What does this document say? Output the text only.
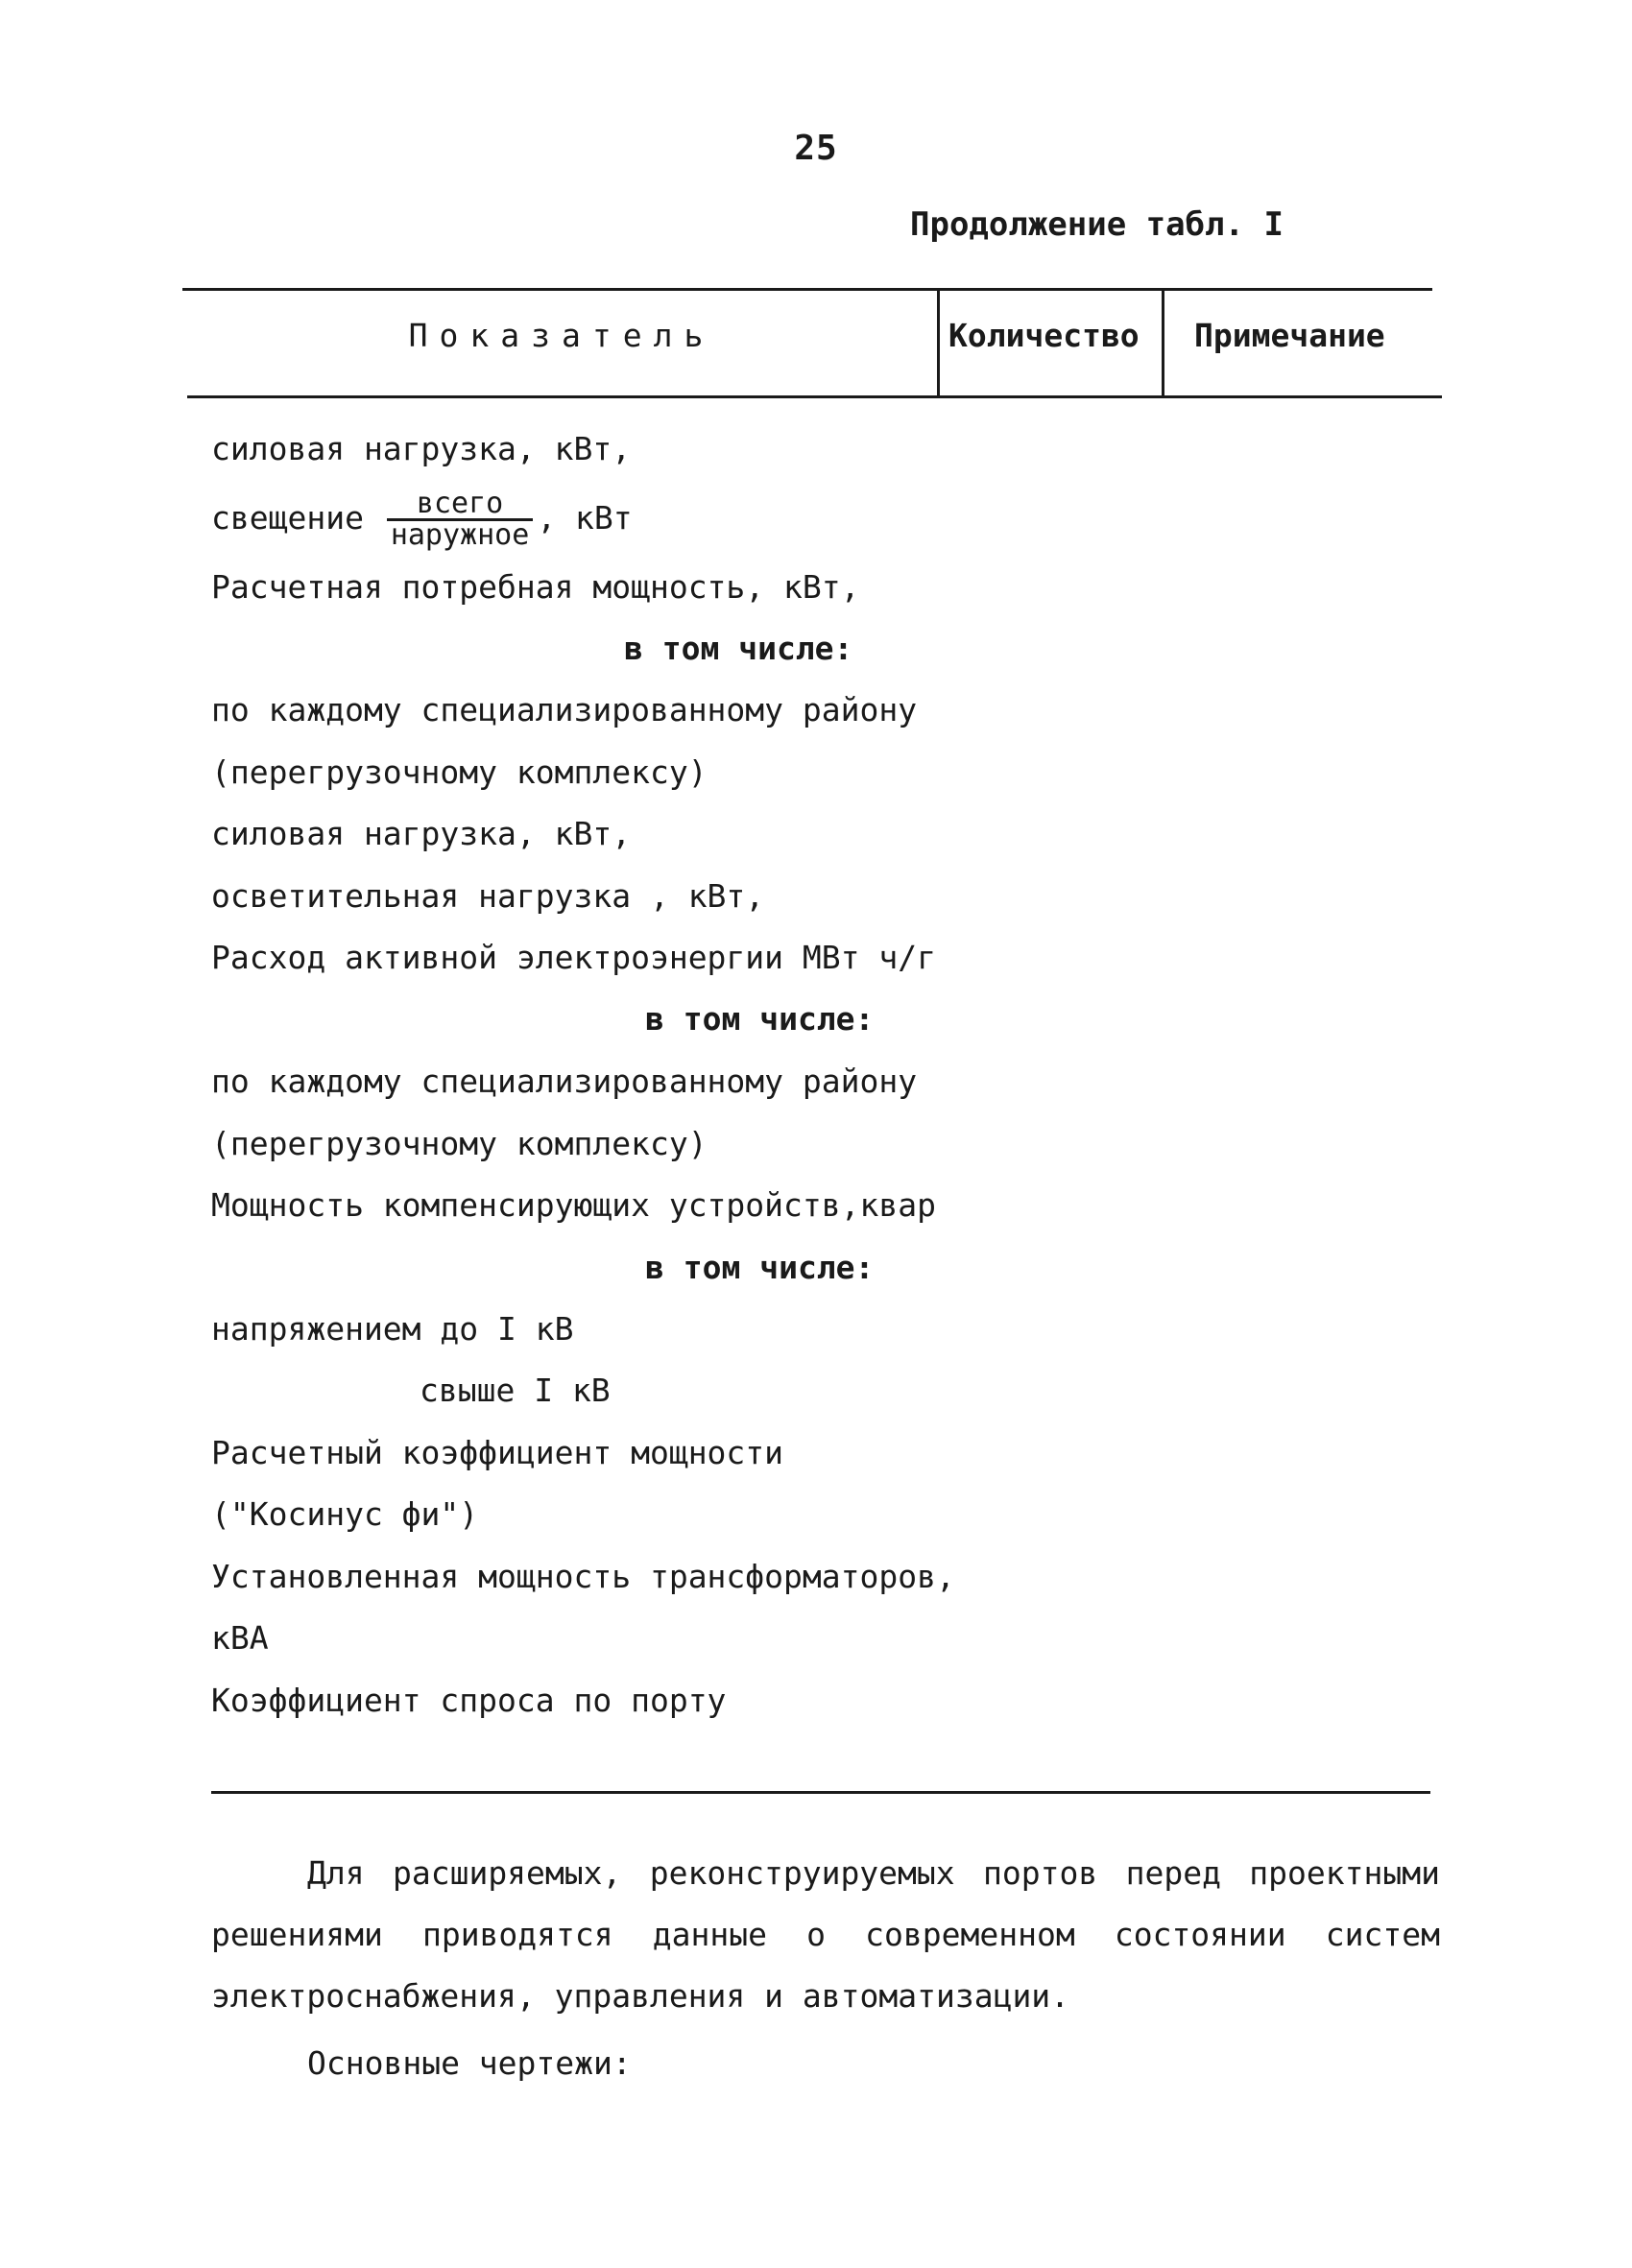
25
Продолжение табл. I
Показатель	Количество Примечание
силовая нагрузка, кВт,
свещение $\frac{\text{всего}}{\text{наружное}}$ , кВт
Расчетная потребная мощность, кВт,
в том числе:
по каждому специализированному району
(перегрузочному комплексу)
силовая нагрузка, кВт,
осветительная нагрузка , кВт,
Расход активной электроэнергии МВт ч/г
в том числе:
по каждому специализированному району
(перегрузочному комплексу)
Мощность компенсирующих устройств,квар
в том числе:
напряжением до I кВ
свыше I кВ
Расчетный коэффициент мощности
("Косинус фи")
Установленная мощность трансформаторов,
кВА
Коэффициент спроса по порту
Для расширяемых, реконструируемых портов перед проектными решениями приводятся данные о современном состоянии систем электроснабжения, управления и автоматизации.
Основные чертежи:
